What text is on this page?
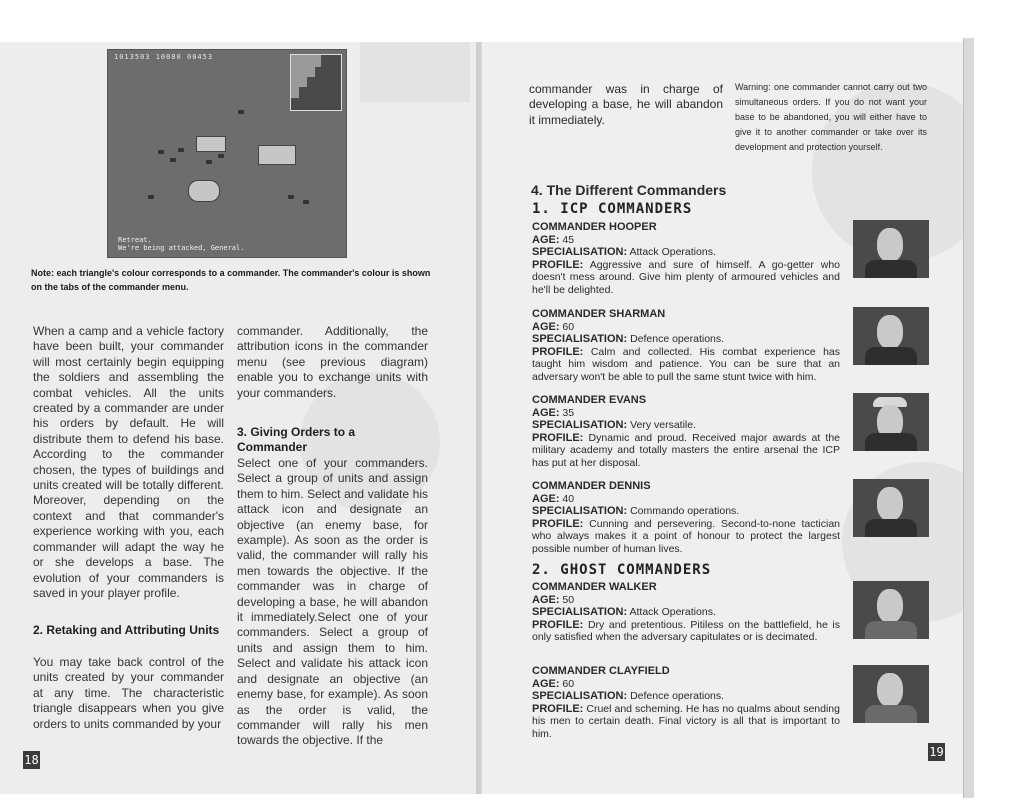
1013503 10080 00453
Retreat.
We're being attacked, General.
Note: each triangle's colour corresponds to a commander. The commander's colour is shown on the tabs of the commander menu.
When a camp and a vehicle factory have been built, your commander will most certainly begin equipping the soldiers and assembling the combat vehicles. All the units created by a commander are under his orders by default. He will distribute them to defend his base. According to the commander chosen, the types of buildings and units created will be totally different. Moreover, depending on the context and that commander's experience working with you, each commander will adapt the way he or she develops a base. The evolution of your commanders is saved in your player profile.
2. Retaking and Attributing Units
You may take back control of the units created by your commander at any time. The characteristic triangle disappears when you give orders to units commanded by your
commander. Additionally, the attribution icons in the commander menu (see previous diagram) enable you to exchange units with your commanders.
3. Giving Orders to a Commander
Select one of your commanders. Select a group of units and assign them to him. Select and validate his attack icon and designate an objective (an enemy base, for example). As soon as the order is valid, the commander will rally his men towards the objective. If the commander was in charge of developing a base, he will abandon it immediately.Select one of your commanders. Select a group of units and assign them to him. Select and validate his attack icon and designate an objective (an enemy base, for example). As soon as the order is valid, the commander will rally his men towards the objective. If the
18
commander was in charge of developing a base, he will abandon it immediately.
Warning: one commander cannot carry out two simultaneous orders. If you do not want your base to be abandoned, you will either have to give it to another commander or take over its development and protection yourself.
4. The Different Commanders
1. ICP COMMANDERS
2. GHOST COMMANDERS
COMMANDER HOOPER
AGE: 45
SPECIALISATION: Attack Operations.
PROFILE: Aggressive and sure of himself. A go-getter who doesn't mess around. Give him plenty of armoured vehicles and he'll be delighted.
COMMANDER SHARMAN
AGE: 60
SPECIALISATION: Defence operations.
PROFILE: Calm and collected. His combat experience has taught him wisdom and patience. You can be sure that an adversary won't be able to pull the same stunt twice with him.
COMMANDER EVANS
AGE: 35
SPECIALISATION: Very versatile.
PROFILE: Dynamic and proud. Received major awards at the military academy and totally masters the entire arsenal the ICP has put at her disposal.
COMMANDER DENNIS
AGE: 40
SPECIALISATION: Commando operations.
PROFILE: Cunning and persevering. Second-to-none tactician who always makes it a point of honour to protect the largest possible number of human lives.
COMMANDER WALKER
AGE: 50
SPECIALISATION: Attack Operations.
PROFILE: Dry and pretentious. Pitiless on the battlefield, he is only satisfied when the adversary capitulates or is decimated.
COMMANDER CLAYFIELD
AGE: 60
SPECIALISATION: Defence operations.
PROFILE: Cruel and scheming. He has no qualms about sending his men to certain death. Final victory is all that is important to him.
19
